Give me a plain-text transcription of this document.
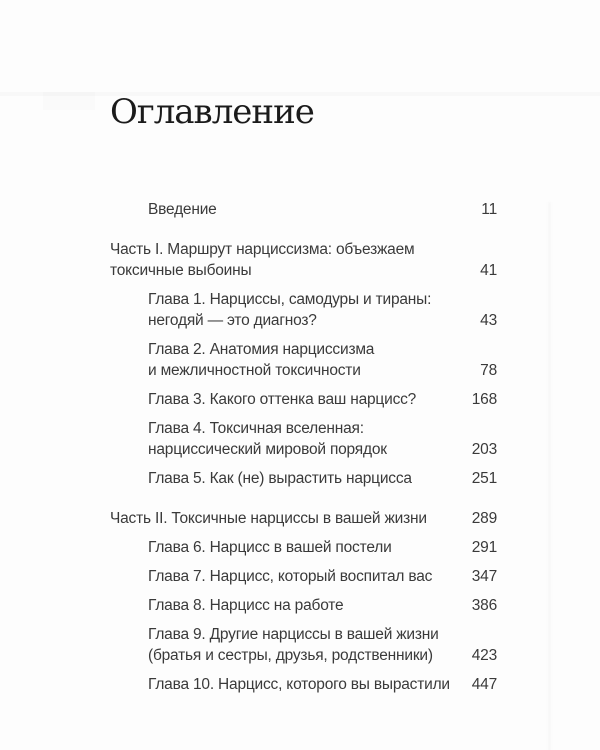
Оглавление
Введение	11
Часть I. Маршрут нарциссизма: объезжаем
токсичные выбоины	41
Глава 1. Нарциссы, самодуры и тираны:
негодяй — это диагноз?	43
Глава 2. Анатомия нарциссизма
и межличностной токсичности	78
Глава 3. Какого оттенка ваш нарцисс?	168
Глава 4. Токсичная вселенная:
нарциссический мировой порядок	203
Глава 5. Как (не) вырастить нарцисса	251
Часть II. Токсичные нарциссы в вашей жизни	289
Глава 6. Нарцисс в вашей постели	291
Глава 7. Нарцисс, который воспитал вас	347
Глава 8. Нарцисс на работе	386
Глава 9. Другие нарциссы в вашей жизни
(братья и сестры, друзья, родственники)	423
Глава 10. Нарцисс, которого вы вырастили	447
